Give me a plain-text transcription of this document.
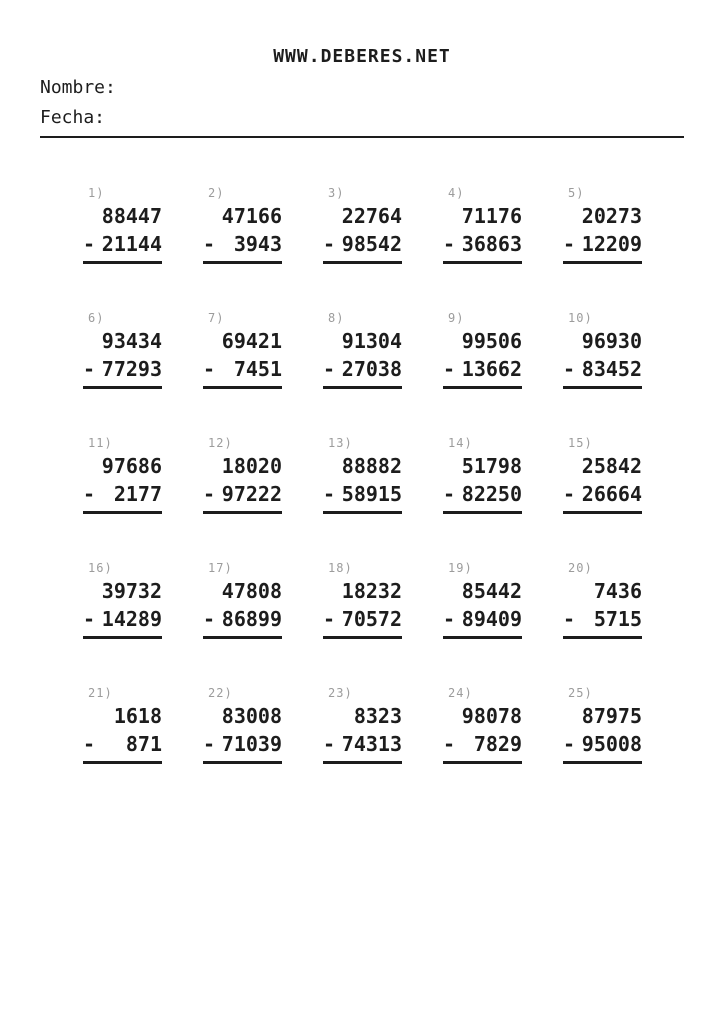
WWW.DEBERES.NET
Nombre:
Fecha:
1)
88447
- 21144
2)
47166
- 3943
3)
22764
- 98542
4)
71176
- 36863
5)
20273
- 12209
6)
93434
- 77293
7)
69421
- 7451
8)
91304
- 27038
9)
99506
- 13662
10)
96930
- 83452
11)
97686
- 2177
12)
18020
- 97222
13)
88882
- 58915
14)
51798
- 82250
15)
25842
- 26664
16)
39732
- 14289
17)
47808
- 86899
18)
18232
- 70572
19)
85442
- 89409
20)
7436
- 5715
21)
1618
- 871
22)
83008
- 71039
23)
8323
- 74313
24)
98078
- 7829
25)
87975
- 95008
